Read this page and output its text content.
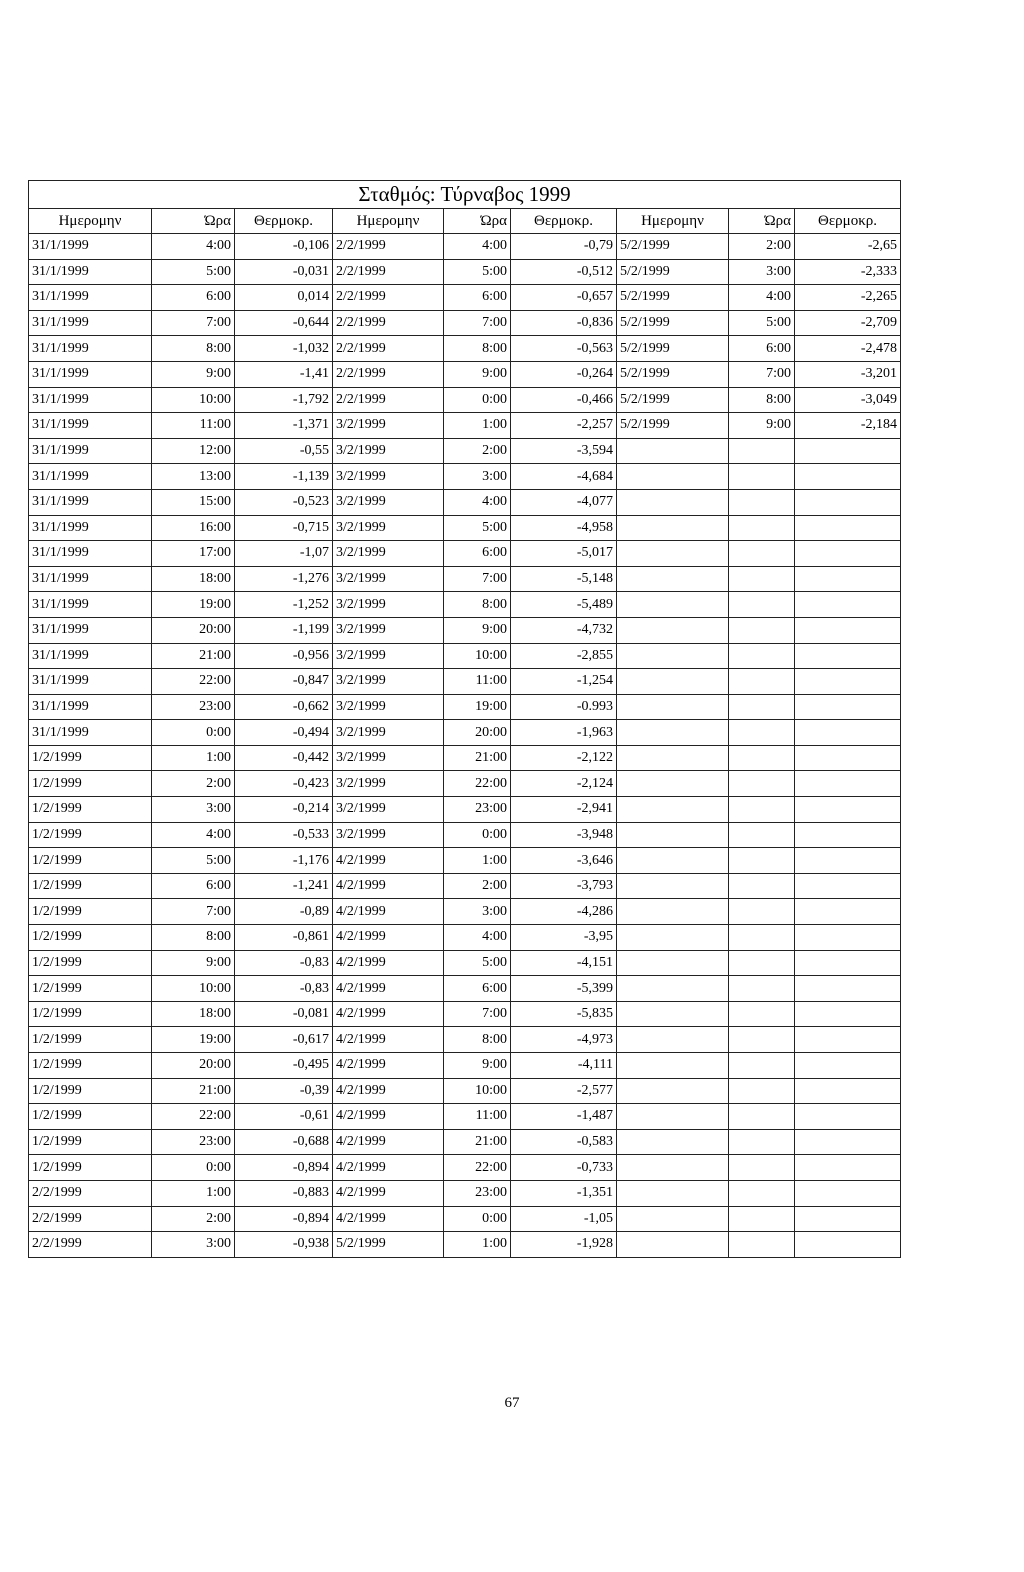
Σταθμός: Τύρναβος 1999								
Ημερομην	Ώρα	Θερμοκρ.	Ημερομην	Ώρα	Θερμοκρ.	Ημερομην	Ώρα	Θερμοκρ.
31/1/1999	4:00	-0,106	2/2/1999	4:00	-0,79	5/2/1999	2:00	-2,65
31/1/1999	5:00	-0,031	2/2/1999	5:00	-0,512	5/2/1999	3:00	-2,333
31/1/1999	6:00	0,014	2/2/1999	6:00	-0,657	5/2/1999	4:00	-2,265
31/1/1999	7:00	-0,644	2/2/1999	7:00	-0,836	5/2/1999	5:00	-2,709
31/1/1999	8:00	-1,032	2/2/1999	8:00	-0,563	5/2/1999	6:00	-2,478
31/1/1999	9:00	-1,41	2/2/1999	9:00	-0,264	5/2/1999	7:00	-3,201
31/1/1999	10:00	-1,792	2/2/1999	0:00	-0,466	5/2/1999	8:00	-3,049
31/1/1999	11:00	-1,371	3/2/1999	1:00	-2,257	5/2/1999	9:00	-2,184
31/1/1999	12:00	-0,55	3/2/1999	2:00	-3,594			
31/1/1999	13:00	-1,139	3/2/1999	3:00	-4,684			
31/1/1999	15:00	-0,523	3/2/1999	4:00	-4,077			
31/1/1999	16:00	-0,715	3/2/1999	5:00	-4,958			
31/1/1999	17:00	-1,07	3/2/1999	6:00	-5,017			
31/1/1999	18:00	-1,276	3/2/1999	7:00	-5,148			
31/1/1999	19:00	-1,252	3/2/1999	8:00	-5,489			
31/1/1999	20:00	-1,199	3/2/1999	9:00	-4,732			
31/1/1999	21:00	-0,956	3/2/1999	10:00	-2,855			
31/1/1999	22:00	-0,847	3/2/1999	11:00	-1,254			
31/1/1999	23:00	-0,662	3/2/1999	19:00	-0.993			
31/1/1999	0:00	-0,494	3/2/1999	20:00	-1,963			
1/2/1999	1:00	-0,442	3/2/1999	21:00	-2,122			
1/2/1999	2:00	-0,423	3/2/1999	22:00	-2,124			
1/2/1999	3:00	-0,214	3/2/1999	23:00	-2,941			
1/2/1999	4:00	-0,533	3/2/1999	0:00	-3,948			
1/2/1999	5:00	-1,176	4/2/1999	1:00	-3,646			
1/2/1999	6:00	-1,241	4/2/1999	2:00	-3,793			
1/2/1999	7:00	-0,89	4/2/1999	3:00	-4,286			
1/2/1999	8:00	-0,861	4/2/1999	4:00	-3,95			
1/2/1999	9:00	-0,83	4/2/1999	5:00	-4,151			
1/2/1999	10:00	-0,83	4/2/1999	6:00	-5,399			
1/2/1999	18:00	-0,081	4/2/1999	7:00	-5,835			
1/2/1999	19:00	-0,617	4/2/1999	8:00	-4,973			
1/2/1999	20:00	-0,495	4/2/1999	9:00	-4,111			
1/2/1999	21:00	-0,39	4/2/1999	10:00	-2,577			
1/2/1999	22:00	-0,61	4/2/1999	11:00	-1,487			
1/2/1999	23:00	-0,688	4/2/1999	21:00	-0,583			
1/2/1999	0:00	-0,894	4/2/1999	22:00	-0,733			
2/2/1999	1:00	-0,883	4/2/1999	23:00	-1,351			
2/2/1999	2:00	-0,894	4/2/1999	0:00	-1,05			
2/2/1999	3:00	-0,938	5/2/1999	1:00	-1,928			
67
